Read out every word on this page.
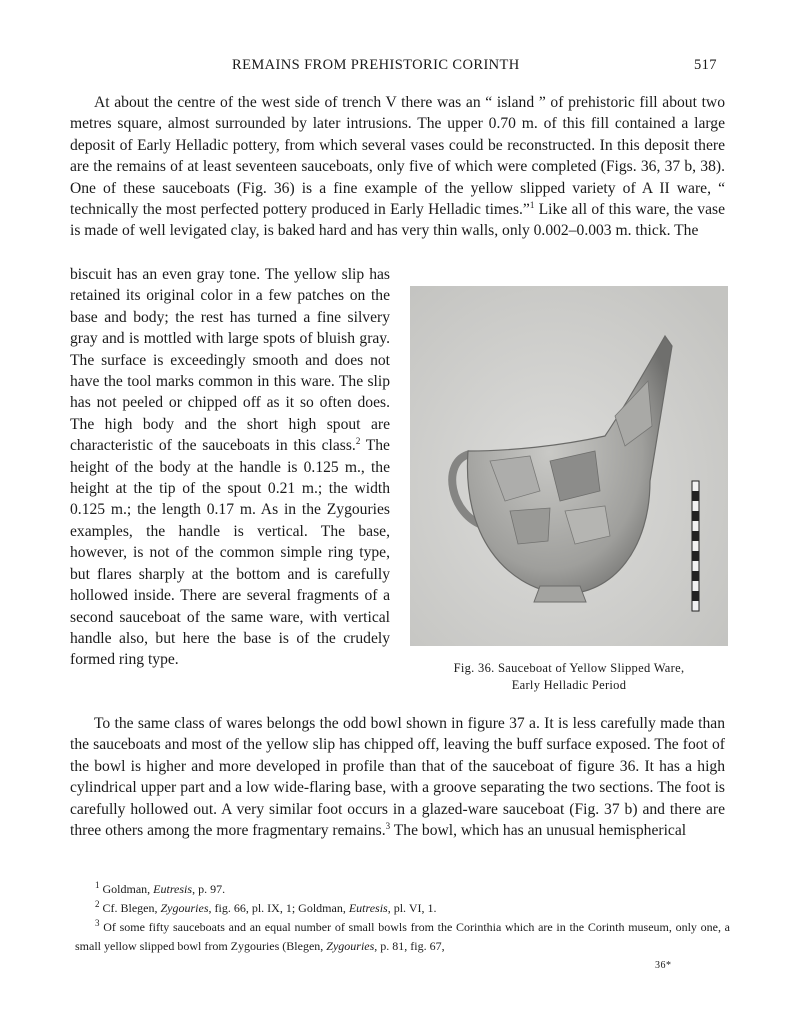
REMAINS FROM PREHISTORIC CORINTH	517
At about the centre of the west side of trench V there was an “ island ” of prehistoric fill about two metres square, almost surrounded by later intrusions. The upper 0.70 m. of this fill contained a large deposit of Early Helladic pottery, from which several vases could be reconstructed. In this deposit there are the remains of at least seventeen sauceboats, only five of which were completed (Figs. 36, 37 b, 38). One of these sauceboats (Fig. 36) is a fine example of the yellow slipped variety of A II ware, “ technically the most perfected pottery produced in Early Helladic times.”$^1$ Like all of this ware, the vase is made of well levigated clay, is baked hard and has very thin walls, only 0.002–0.003 m. thick. The
biscuit has an even gray tone. The yellow slip has retained its original color in a few patches on the base and body; the rest has turned a fine silvery gray and is mottled with large spots of bluish gray. The surface is exceedingly smooth and does not have the tool marks common in this ware. The slip has not peeled or chipped off as it so often does. The high body and the short high spout are characteristic of the sauceboats in this class.$^2$ The height of the body at the handle is 0.125 m., the height at the tip of the spout 0.21 m.; the width 0.125 m.; the length 0.17 m. As in the Zygouries examples, the handle is vertical. The base, however, is not of the common simple ring type, but flares sharply at the bottom and is carefully hollowed inside. There are several fragments of a second sauceboat of the same ware, with vertical handle also, but here the base is of the crudely formed ring type.	Fig. 36. Sauceboat of Yellow Slipped Ware,
Early Helladic Period
To the same class of wares belongs the odd bowl shown in figure 37 a. It is less carefully made than the sauceboats and most of the yellow slip has chipped off, leaving the buff surface exposed. The foot of the bowl is higher and more developed in profile than that of the sauceboat of figure 36. It has a high cylindrical upper part and a low wide-flaring base, with a groove separating the two sections. The foot is carefully hollowed out. A very similar foot occurs in a glazed-ware sauceboat (Fig. 37 b) and there are three others among the more fragmentary remains.$^3$ The bowl, which has an unusual hemispherical

$^1$ Goldman, Eutresis, p. 97.

$^2$ Cf. Blegen, Zygouries, fig. 66, pl. IX, 1; Goldman, Eutresis, pl. VI, 1.

$^3$ Of some fifty sauceboats and an equal number of small bowls from the Corinthia which are in the Corinth museum, only one, a small yellow slipped bowl from Zygouries (Blegen, Zygouries, p. 81, fig. 67,

36*
